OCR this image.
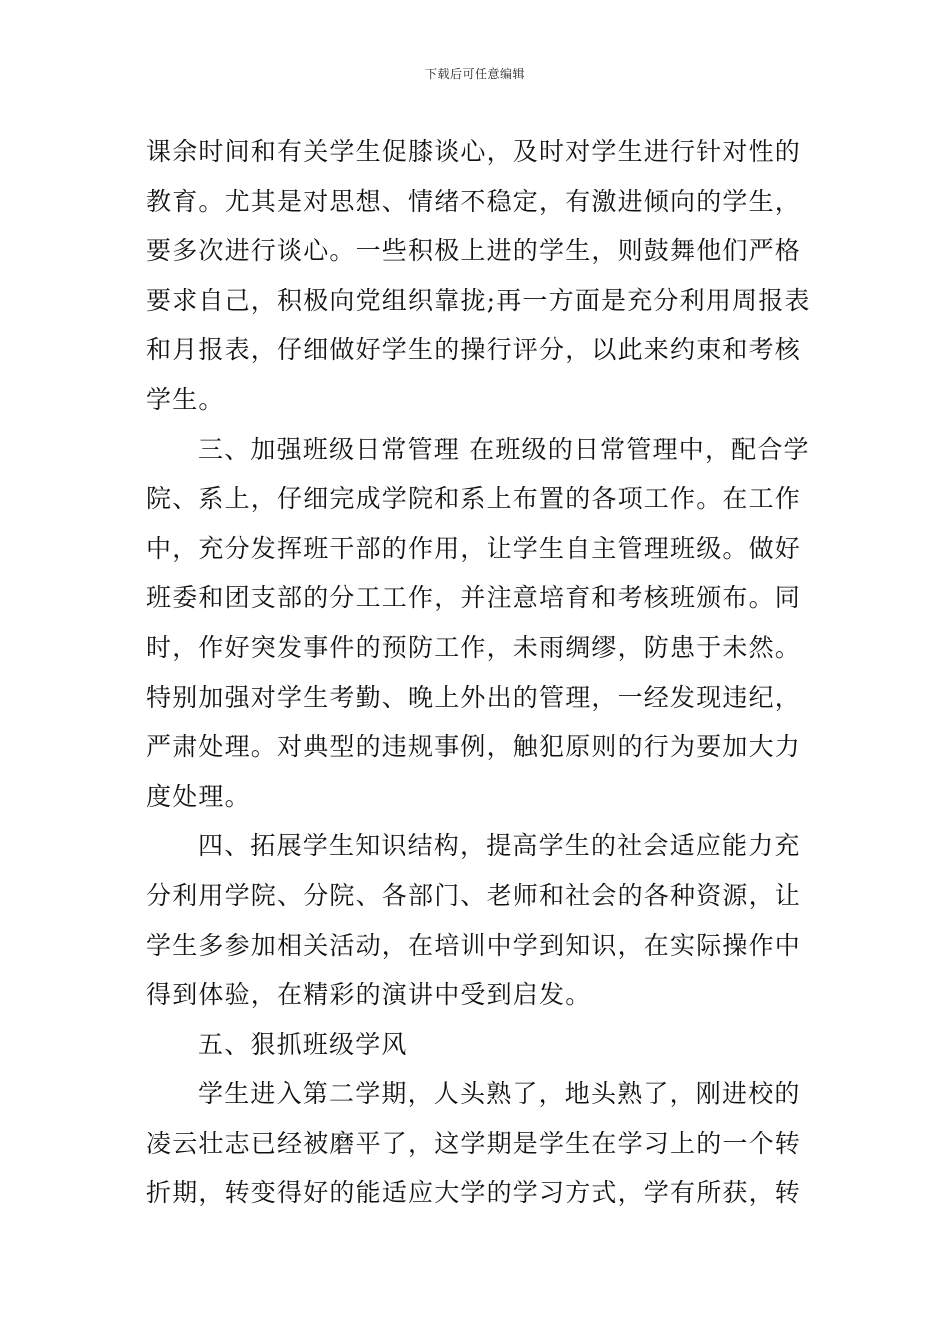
下载后可任意编辑
课余时间和有关学生促膝谈心，及时对学生进行针对性的
教育。尤其是对思想、情绪不稳定，有激进倾向的学生，
要多次进行谈心。一些积极上进的学生，则鼓舞他们严格
要求自己，积极向党组织靠拢;再一方面是充分利用周报表
和月报表，仔细做好学生的操行评分，以此来约束和考核
学生。
三、加强班级日常管理 在班级的日常管理中，配合学
院、系上，仔细完成学院和系上布置的各项工作。在工作
中，充分发挥班干部的作用，让学生自主管理班级。做好
班委和团支部的分工工作，并注意培育和考核班颁布。同
时，作好突发事件的预防工作，未雨绸缪，防患于未然。
特别加强对学生考勤、晚上外出的管理，一经发现违纪，
严肃处理。对典型的违规事例，触犯原则的行为要加大力
度处理。
四、拓展学生知识结构，提高学生的社会适应能力充
分利用学院、分院、各部门、老师和社会的各种资源，让
学生多参加相关活动，在培训中学到知识，在实际操作中
得到体验，在精彩的演讲中受到启发。
五、狠抓班级学风
学生进入第二学期，人头熟了，地头熟了，刚进校的
凌云壮志已经被磨平了，这学期是学生在学习上的一个转
折期，转变得好的能适应大学的学习方式，学有所获，转
